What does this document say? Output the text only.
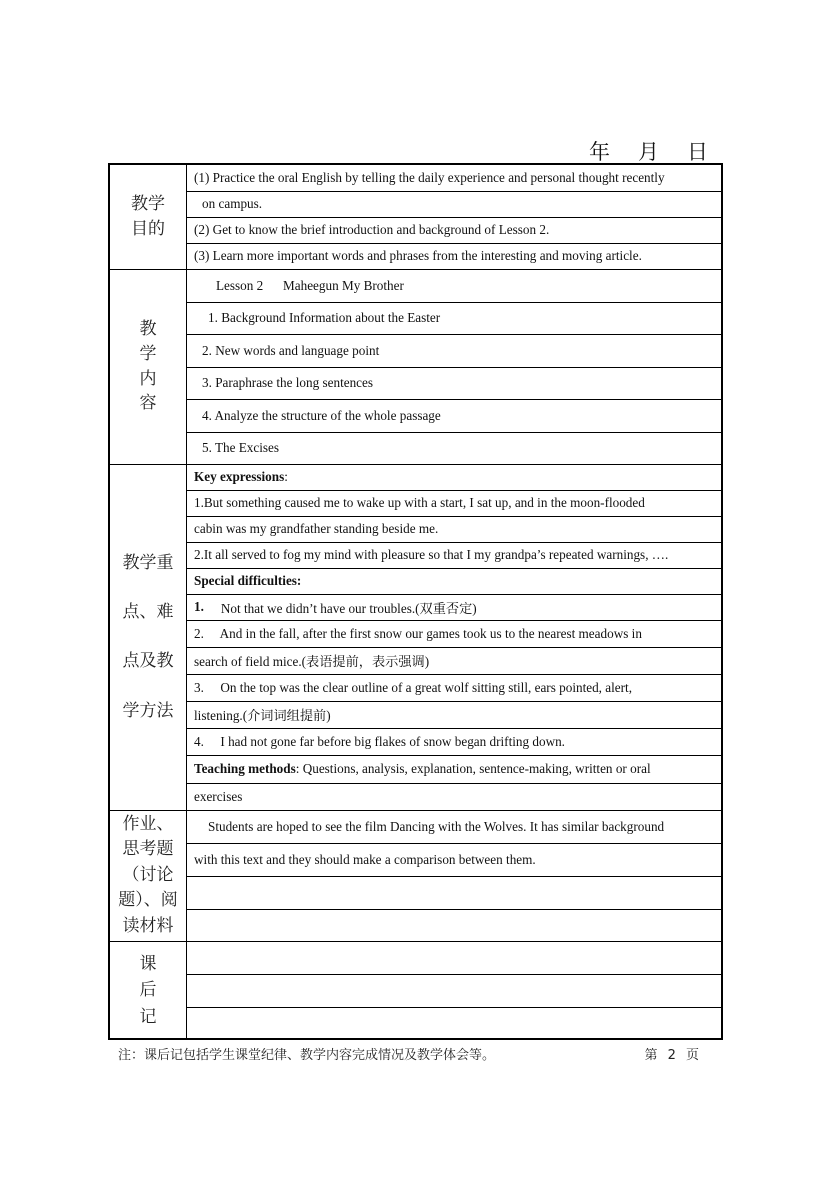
年 月 日
教学
目的
(1) Practice the oral English by telling the daily experience and personal thought recently
on campus.
(2) Get to know the brief introduction and background of Lesson 2.
(3) Learn more important words and phrases from the interesting and moving article.
教
学
内
容
Lesson 2      Maheegun My Brother
1. Background Information about the Easter
2. New words and language point
3. Paraphrase the long sentences
4. Analyze the structure of the whole passage
5. The Excises
教学重

点、难

点及教

学方法
Key expressions :
1.But something caused me to wake up with a start, I sat up, and in the moon-flooded
cabin was my grandfather standing beside me.
2.It all served to fog my mind with pleasure so that I my grandpa’s repeated warnings, ….
Special difficulties:
1. Not that we didn’t have our troubles.(双重否定)
2.     And in the fall, after the first snow our games took us to the nearest meadows in
search of field mice.(表语提前，表示强调)
3.     On the top was the clear outline of a great wolf sitting still, ears pointed, alert,
listening.(介词词组提前)
4.     I had not gone far before big flakes of snow began drifting down.
Teaching methods : Questions, analysis, explanation, sentence-making, written or oral
exercises
作业、
思考题
（讨论
题）、阅
读材料
Students are hoped to see the film Dancing with the Wolves. It has similar background
with this text and they should make a comparison between them.
课
后
记
注：课后记包括学生课堂纪律、教学内容完成情况及教学体会等。	第 2 页
